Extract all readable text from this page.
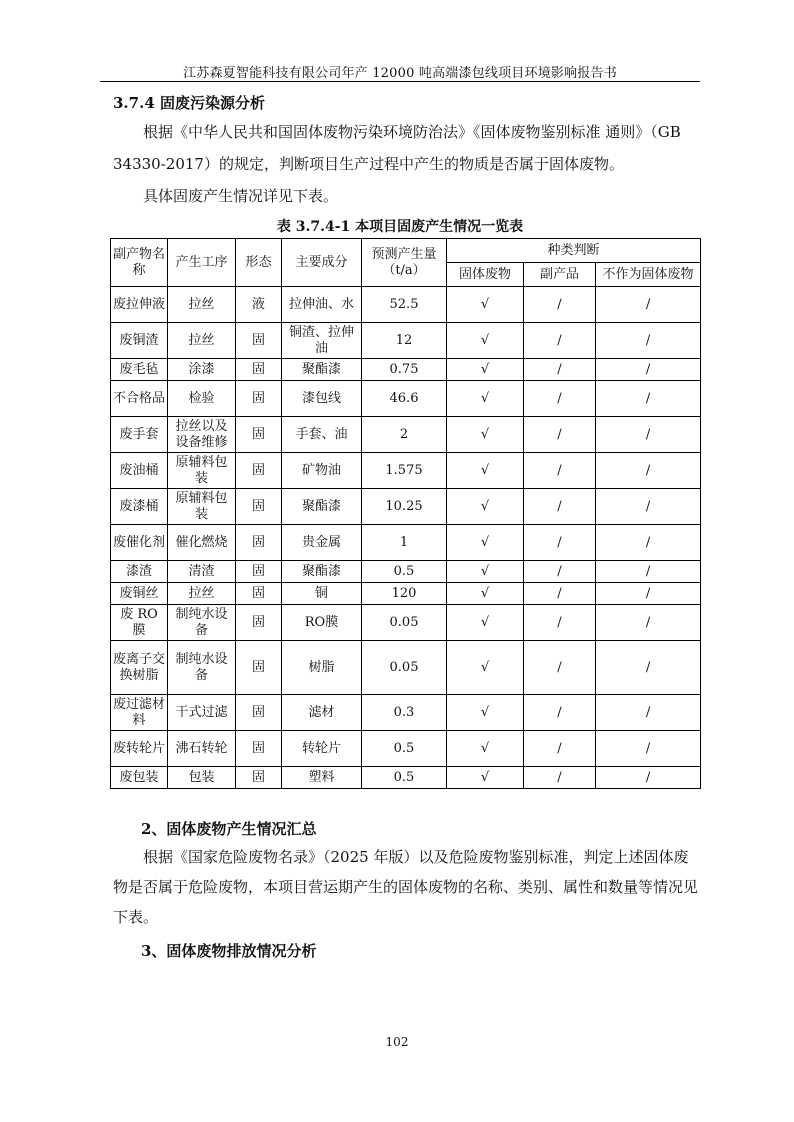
江苏森夏智能科技有限公司年产 12000 吨高端漆包线项目环境影响报告书
3.7.4 固废污染源分析
根据《中华人民共和国固体废物污染环境防治法》《固体废物鉴别标准 通则》（GB 34330-2017）的规定，判断项目生产过程中产生的物质是否属于固体废物。
具体固废产生情况详见下表。
表 3.7.4-1 本项目固废产生情况一览表
副产物名称	产生工序	形态	主要成分	预测产生量（t/a）	种类判断		
					固体废物	副产品	不作为固体废物
废拉伸液	拉丝	液	拉伸油、水	52.5	√	/	/
废铜渣	拉丝	固	铜渣、拉伸油	12	√	/	/
废毛毡	涂漆	固	聚酯漆	0.75	√	/	/
不合格品	检验	固	漆包线	46.6	√	/	/
废手套	拉丝以及设备维修	固	手套、油	2	√	/	/
废油桶	原辅料包装	固	矿物油	1.575	√	/	/
废漆桶	原辅料包装	固	聚酯漆	10.25	√	/	/
废催化剂	催化燃烧	固	贵金属	1	√	/	/
漆渣	清渣	固	聚酯漆	0.5	√	/	/
废铜丝	拉丝	固	铜	120	√	/	/
废 RO 膜	制纯水设备	固	RO膜	0.05	√	/	/
废离子交换树脂	制纯水设备	固	树脂	0.05	√	/	/
废过滤材料	干式过滤	固	滤材	0.3	√	/	/
废转轮片	沸石转轮	固	转轮片	0.5	√	/	/
废包装	包装	固	塑料	0.5	√	/	/
2、固体废物产生情况汇总
根据《国家危险废物名录》（2025 年版）以及危险废物鉴别标准，判定上述固体废物是否属于危险废物，本项目营运期产生的固体废物的名称、类别、属性和数量等情况见下表。
3、固体废物排放情况分析
102
